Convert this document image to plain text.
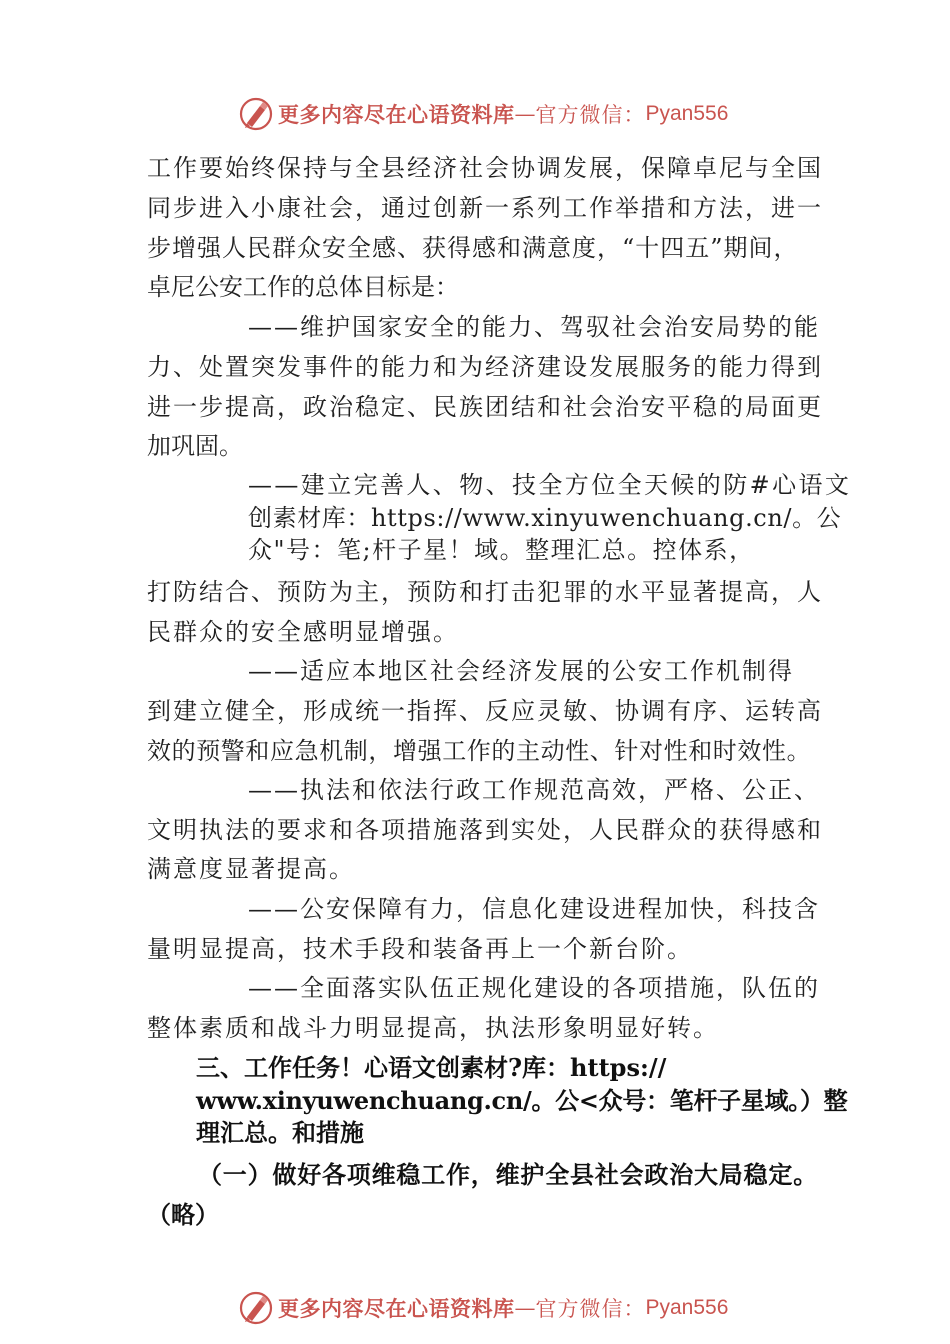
更多内容尽在心语资料库 — 官方微信： Pyan556
工作要始终保持与全县经济社会协调发展，保障卓尼与全国
同步进入小康社会，通过创新一系列工作举措和方法，进一
步增强人民群众安全感、获得感和满意度，“十四五”期间，
卓尼公安工作的总体目标是：
——维护国家安全的能力、驾驭社会治安局势的能
力、处置突发事件的能力和为经济建设发展服务的能力得到
进一步提高，政治稳定、民族团结和社会治安平稳的局面更
加巩固。
——建立完善人、物、技全方位全天候的防#心语文
创素材库：https://www.xinyuwenchuang.cn/。公
众"号：笔;杆子星！域。整理汇总。控体系，
打防结合、预防为主，预防和打击犯罪的水平显著提高，人
民群众的安全感明显增强。
——适应本地区社会经济发展的公安工作机制得
到建立健全，形成统一指挥、反应灵敏、协调有序、运转高
效的预警和应急机制，增强工作的主动性、针对性和时效性。
——执法和依法行政工作规范高效，严格、公正、
文明执法的要求和各项措施落到实处，人民群众的获得感和
满意度显著提高。
——公安保障有力，信息化建设进程加快，科技含
量明显提高，技术手段和装备再上一个新台阶。
——全面落实队伍正规化建设的各项措施，队伍的
整体素质和战斗力明显提高，执法形象明显好转。
三、工作任务！心语文创素材?库：https://
www.xinyuwenchuang.cn/。公<众号：笔杆子星域。）整
理汇总。和措施
（一）做好各项维稳工作，维护全县社会政治大局稳定。
（略）
更多内容尽在心语资料库 — 官方微信： Pyan556
